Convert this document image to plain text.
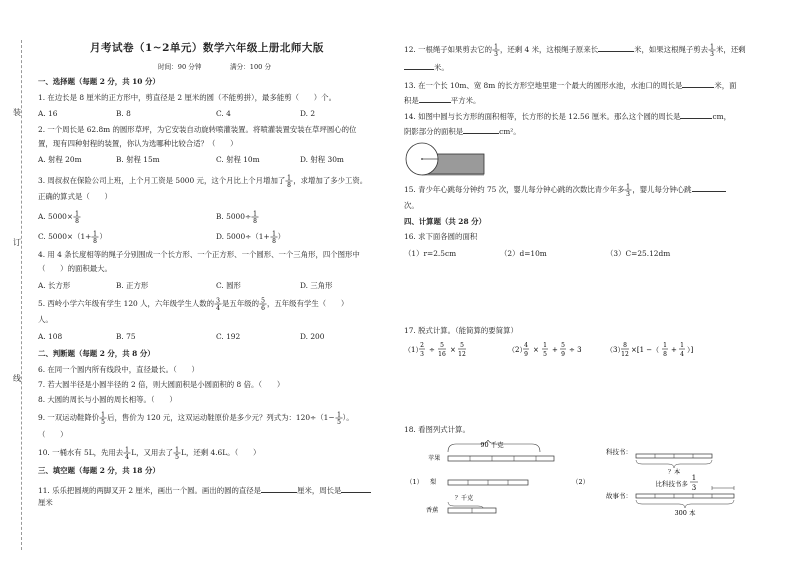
装
订
线
月考试卷（1~2单元）数学六年级上册北师大版
时间：90 分钟	满分：100 分
一、选择题（每题 2 分，共 10 分）
1. 在边长是 8 厘米的正方形中，剪直径是 2 厘米的圆（不能剪拼），最多能剪（　　）个。
A. 16	B. 8	C. 4	D. 2
2. 一个周长是 62.8m 的圆形草坪，为它安装自动旋转喷灌装置。将喷灌装置安装在草坪圆心的位
置，现有四种射程的装置，你认为选哪种比较合适？（　　）
A. 射程 20m	B. 射程 15m	C. 射程 10m	D. 射程 30m
3. 周叔叔在保险公司上班，上个月工资是 5000 元，这个月比上个月增加了 1
8
，求增加了多少工资。
正确的算式是（　　）
A. 5000× 1
8
B. 5000÷ 1
8
C. 5000×（1+ 1
8
）	D. 5000÷（1+ 1
8
）
4. 用 4 条长度相等的绳子分别围成一个长方形、一个正方形、一个圆形、一个三角形，四个图形中
（　　）的面积最大。
A. 长方形	B. 正方形	C. 圆形	D. 三角形
5. 西岭小学六年级有学生 120 人，六年级学生人数的 3
4
是五年级的 5
6
，五年级有学生（　　）
人。
A. 108	B. 75	C. 192	D. 200
二、判断题（每题 2 分，共 8 分）
6. 在同一个圆内所有线段中，直径最长。（　　）
7. 若大圆半径是小圆半径的 2 倍，则大圆面积是小圆面积的 8 倍。（　　）
8. 大圆的周长与小圆的周长相等。（　　）
9. 一双运动鞋降价 1
5
后，售价为 120 元，这双运动鞋原价是多少元？列式为：120÷（1− 1
5
）。
（　　）
10. 一桶水有 5L，先用去 1
4
L，又用去了 1
5
L，还剩 4.6L。（　　）
三、填空题（每题 2 分，共 18 分）
11. 乐乐把圆规的两脚叉开 2 厘米，画出一个圆。画出的圆的直径是	厘米，周长是
厘米
12. 一根绳子如果剪去它的 1
3
，还剩 4 米，这根绳子原来长	米，如果这根绳子剪去 1
3
米，还剩
米。
13. 在一个长 10m、宽 8m 的长方形空地里建一个最大的圆形水池，水池口的周长是	米，面
积是	平方米。
14. 如图中圆与长方形的面积相等，长方形的长是 12.56 厘米。那么这个圆的周长是	cm，
阴影部分的面积是	cm²。
15. 青少年心跳每分钟约 75 次，婴儿每分钟心跳的次数比青少年多 1
3
，婴儿每分钟心跳
次。
四、计算题（共 28 分）
16. 求下面各圆的面积
（1）r=2.5cm	（2）d=10m	（3）C=25.12dm
17. 脱式计算。（能简算的要简算）
（1）
2
3
÷
5
16
×
5
12
（2）
4
9
×
1
5
+
5
9
÷ 3	（3）
8
12
×[1 −（
1
8
+
1
4
）]
18. 看图列式计算。
90 千克
苹果
（1） 梨
？千克
香蕉
科技书：
？本
（2）	比科技书多
1
3
故事书：
300 本
